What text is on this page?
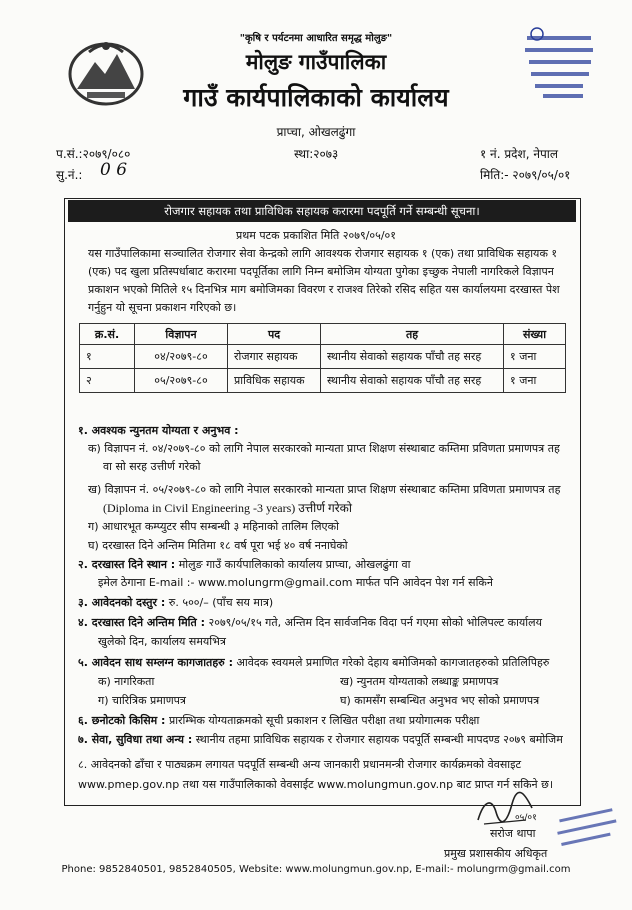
"कृषि र पर्यटनमा आधारित समृद्ध मोलुङ"
मोलुङ गाउँपालिका
गाउँ कार्यपालिकाको कार्यालय
प्राप्चा, ओखलढुंगा
प.सं.:२०७९/०८०	स्था:२०७३	१ नं. प्रदेश, नेपाल
सु.नं.: 0 6	मिति:- २०७९/०५/०१
रोजगार सहायक तथा प्राविधिक सहायक करारमा पदपूर्ति गर्ने सम्बन्धी सूचना।
प्रथम पटक प्रकाशित मिति २०७९/०५/०१
यस गाउँपालिकामा सञ्चालित रोजगार सेवा केन्द्रको लागि आवश्यक रोजगार सहायक १ (एक) तथा प्राविधिक सहायक १ (एक) पद खुला प्रतिस्पर्धाबाट करारमा पदपूर्तिका लागि निम्न बमोजिम योग्यता पुगेका इच्छुक नेपाली नागरिकले विज्ञापन प्रकाशन भएको मितिले १५ दिनभित्र माग बमोजिमका विवरण र राजश्व तिरेको रसिद सहित यस कार्यालयमा दरखास्त पेश गर्नुहुन यो सूचना प्रकाशन गरिएको छ।
क्र.सं.	विज्ञापन	पद	तह	संख्या
१	०४/२०७९-८०	रोजगार सहायक	स्थानीय सेवाको सहायक पाँचौ तह सरह	१ जना
२	०५/२०७९-८०	प्राविधिक सहायक	स्थानीय सेवाको सहायक पाँचौ तह सरह	१ जना
१. अवश्यक न्युनतम योग्यता र अनुभव :
क) विज्ञापन नं. ०४/२०७९-८० को लागि नेपाल सरकारको मान्यता प्राप्त शिक्षण संस्थाबाट कम्तिमा प्रविणता प्रमाणपत्र तह
वा सो सरह उत्तीर्ण गरेको
ख) विज्ञापन नं. ०५/२०७९-८० को लागि नेपाल सरकारको मान्यता प्राप्त शिक्षण संस्थाबाट कम्तिमा प्रविणता प्रमाणपत्र तह
(Diploma in Civil Engineering -3 years) उत्तीर्ण गरेको
ग) आधारभूत कम्प्युटर सीप सम्बन्धी ३ महिनाको तालिम लिएको
घ) दरखास्त दिने अन्तिम मितिमा १८ वर्ष पूरा भई ४० वर्ष ननाघेको
२. दरखास्त दिने स्थान : मोलुङ गाउँ कार्यपालिकाको कार्यालय प्राप्चा, ओखलढुंगा वा
इमेल ठेगाना E-mail :- www.molungrm@gmail.com मार्फत पनि आवेदन पेश गर्न सकिने
३. आवेदनको दस्तुर : रु. ५००/– (पाँच सय मात्र)
४. दरखास्त दिने अन्तिम मिति : २०७९/०५/१५ गते, अन्तिम दिन सार्वजनिक विदा पर्न गएमा सोको भोलिपल्ट कार्यालय
खुलेको दिन, कार्यालय समयभित्र
५. आवेदन साथ सम्लग्न कागजातहरु : आवेदक स्वयमले प्रमाणित गरेको देहाय बमोजिमको कागजातहरुको प्रतिलिपिहरु
क) नागरिकता	ख) न्युनतम योग्यताको लब्धाङ्क प्रमाणपत्र
ग) चारित्रिक प्रमाणपत्र	घ) कामसँग सम्बन्धित अनुभव भए सोको प्रमाणपत्र
६. छनोटको किसिम : प्रारम्भिक योग्यताक्रमको सूची प्रकाशन र लिखित परीक्षा तथा प्रयोगात्मक परीक्षा
७. सेवा, सुविधा तथा अन्य : स्थानीय तहमा प्राविधिक सहायक र रोजगार सहायक पदपूर्ति सम्बन्धी मापदण्ड २०७९ बमोजिम
८. आवेदनको ढाँचा र पाठ्यक्रम लगायत पदपूर्ति सम्बन्धी अन्य जानकारी प्रधानमन्त्री रोजगार कार्यक्रमको वेवसाइट
www.pmep.gov.np तथा यस गाउँपालिकाको वेवसाईट www.molungmun.gov.np बाट प्राप्त गर्न सकिने छ।
०५/०१
सरोज थापा
प्रमुख प्रशासकीय अधिकृत
Phone: 9852840501, 9852840505, Website: www.molungmun.gov.np, E-mail:- molungrm@gmail.com
